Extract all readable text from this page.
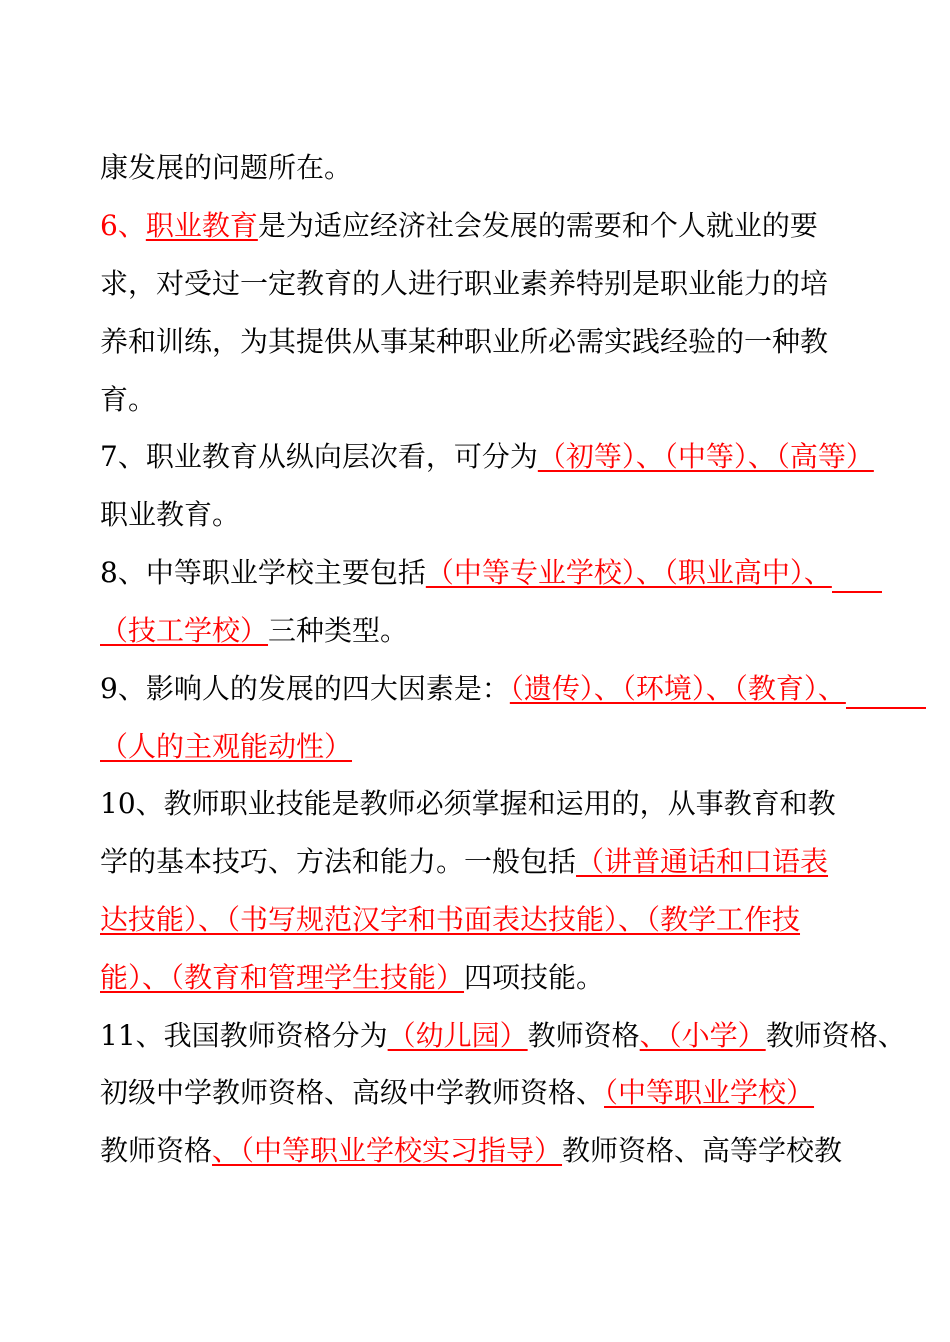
康发展的问题所在。
6、职业教育是为适应经济社会发展的需要和个人就业的要
求，对受过一定教育的人进行职业素养特别是职业能力的培
养和训练，为其提供从事某种职业所必需实践经验的一种教
育。
7、职业教育从纵向层次看，可分为（初等）、（中等）、（高等）
职业教育。
8、中等职业学校主要包括（中等专业学校）、（职业高中）、
（技工学校）三种类型。
9、影响人的发展的四大因素是：（遗传）、（环境）、（教育）、
（人的主观能动性）
10、教师职业技能是教师必须掌握和运用的，从事教育和教
学的基本技巧、方法和能力。一般包括（讲普通话和口语表
达技能）、（书写规范汉字和书面表达技能）、（教学工作技
能）、（教育和管理学生技能）四项技能。
11、我国教师资格分为（幼儿园）教师资格、（小学）教师资格、
初级中学教师资格、高级中学教师资格、（中等职业学校）
教师资格、（中等职业学校实习指导）教师资格、高等学校教
